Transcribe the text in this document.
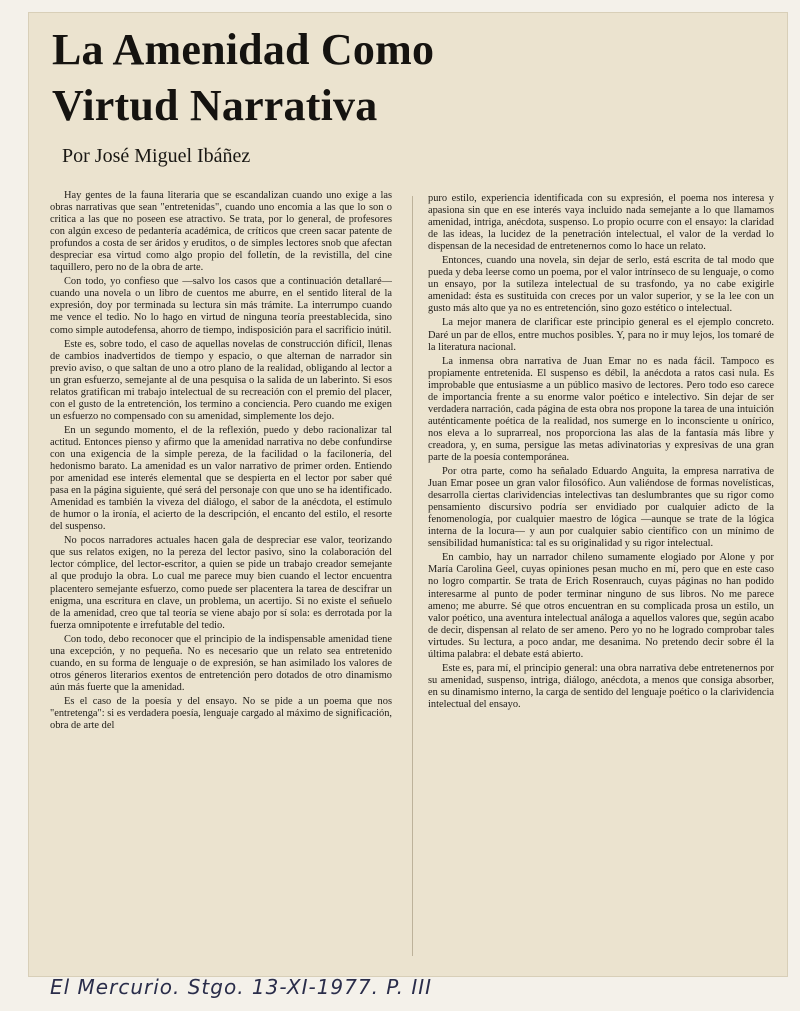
La Amenidad Como Virtud Narrativa

Por José Miguel Ibáñez

Hay gentes de la fauna literaria que se escandalizan cuando uno exige a las obras narrativas que sean "entretenidas", cuando uno encomia a las que lo son o critica a las que no poseen ese atractivo. Se trata, por lo general, de profesores con algún exceso de pedantería académica, de críticos que creen sacar patente de profundos a costa de ser áridos y eruditos, o de simples lectores snob que afectan despreciar esa virtud como algo propio del folletín, de la revistilla, del cine taquillero, pero no de la obra de arte.

Con todo, yo confieso que —salvo los casos que a continuación detallaré— cuando una novela o un libro de cuentos me aburre, en el sentido literal de la expresión, doy por terminada su lectura sin más trámite. La interrumpo cuando me vence el tedio. No lo hago en virtud de ninguna teoría preestablecida, sino como simple autodefensa, ahorro de tiempo, indisposición para el sacrificio inútil.

Este es, sobre todo, el caso de aquellas novelas de construcción difícil, llenas de cambios inadvertidos de tiempo y espacio, o que alternan de narrador sin previo aviso, o que saltan de uno a otro plano de la realidad, obligando al lector a un gran esfuerzo, semejante al de una pesquisa o la salida de un laberinto. Si esos relatos gratifican mi trabajo intelectual de su recreación con el premio del placer, con el gusto de la entretención, los termino a conciencia. Pero cuando me exigen un esfuerzo no compensado con su amenidad, simplemente los dejo.

En un segundo momento, el de la reflexión, puedo y debo racionalizar tal actitud. Entonces pienso y afirmo que la amenidad narrativa no debe confundirse con una exigencia de la simple pereza, de la facilidad o la facilonería, del hedonismo barato. La amenidad es un valor narrativo de primer orden. Entiendo por amenidad ese interés elemental que se despierta en el lector por saber qué pasa en la página siguiente, qué será del personaje con que uno se ha identificado. Amenidad es también la viveza del diálogo, el sabor de la anécdota, el estímulo de humor o la ironía, el acierto de la descripción, el encanto del estilo, el resorte del suspenso.

No pocos narradores actuales hacen gala de despreciar ese valor, teorizando que sus relatos exigen, no la pereza del lector pasivo, sino la colaboración del lector cómplice, del lector-escritor, a quien se pide un trabajo creador semejante al que produjo la obra. Lo cual me parece muy bien cuando el lector encuentra placentero semejante esfuerzo, como puede ser placentera la tarea de descifrar un enigma, una escritura en clave, un problema, un acertijo. Si no existe el señuelo de la amenidad, creo que tal teoría se viene abajo por sí sola: es derrotada por la fuerza omnipotente e irrefutable del tedio.

Con todo, debo reconocer que el principio de la indispensable amenidad tiene una excepción, y no pequeña. No es necesario que un relato sea entretenido cuando, en su forma de lenguaje o de expresión, se han asimilado los valores de otros géneros literarios exentos de entretención pero dotados de otro dinamismo aún más fuerte que la amenidad.

Es el caso de la poesía y del ensayo. No se pide a un poema que nos "entretenga": si es verdadera poesía, lenguaje cargado al máximo de significación, obra de arte del

puro estilo, experiencia identificada con su expresión, el poema nos interesa y apasiona sin que en ese interés vaya incluido nada semejante a lo que llamamos amenidad, intriga, anécdota, suspenso. Lo propio ocurre con el ensayo: la claridad de las ideas, la lucidez de la penetración intelectual, el valor de la verdad lo dispensan de la necesidad de entretenernos como lo hace un relato.

Entonces, cuando una novela, sin dejar de serlo, está escrita de tal modo que pueda y deba leerse como un poema, por el valor intrínseco de su lenguaje, o como un ensayo, por la sutileza intelectual de su trasfondo, ya no cabe exigirle amenidad: ésta es sustituida con creces por un valor superior, y se la lee con un gusto más alto que ya no es entretención, sino gozo estético o intelectual.

La mejor manera de clarificar este principio general es el ejemplo concreto. Daré un par de ellos, entre muchos posibles. Y, para no ir muy lejos, los tomaré de la literatura nacional.

La inmensa obra narrativa de Juan Emar no es nada fácil. Tampoco es propiamente entretenida. El suspenso es débil, la anécdota a ratos casi nula. Es improbable que entusiasme a un público masivo de lectores. Pero todo eso carece de importancia frente a su enorme valor poético e intelectivo. Sin dejar de ser verdadera narración, cada página de esta obra nos propone la tarea de una intuición auténticamente poética de la realidad, nos sumerge en lo inconsciente u onírico, nos eleva a lo suprarreal, nos proporciona las alas de la fantasía más libre y creadora, y, en suma, persigue las metas adivinatorias y expresivas de una gran parte de la poesía contemporánea.

Por otra parte, como ha señalado Eduardo Anguita, la empresa narrativa de Juan Emar posee un gran valor filosófico. Aun valiéndose de formas novelísticas, desarrolla ciertas clarividencias intelectivas tan deslumbrantes que su rigor como pensamiento discursivo podría ser envidiado por cualquier adicto de la fenomenología, por cualquier maestro de lógica —aunque se trate de la lógica interna de la locura— y aun por cualquier sabio científico con un mínimo de sensibilidad humanística: tal es su originalidad y su rigor intelectual.

En cambio, hay un narrador chileno sumamente elogiado por Alone y por María Carolina Geel, cuyas opiniones pesan mucho en mí, pero que en este caso no logro compartir. Se trata de Erich Rosenrauch, cuyas páginas no han podido interesarme al punto de poder terminar ninguno de sus libros. No me parece ameno; me aburre. Sé que otros encuentran en su complicada prosa un estilo, un valor poético, una aventura intelectual análoga a aquellos valores que, según acabo de decir, dispensan al relato de ser ameno. Pero yo no he logrado comprobar tales virtudes. Su lectura, a poco andar, me desanima. No pretendo decir sobre él la última palabra: el debate está abierto.

Este es, para mí, el principio general: una obra narrativa debe entretenernos por su amenidad, suspenso, intriga, diálogo, anécdota, a menos que consiga absorber, en su dinamismo interno, la carga de sentido del lenguaje poético o la clarividencia intelectual del ensayo.

El Mercurio. Stgo. 13-XI-1977. P. III
